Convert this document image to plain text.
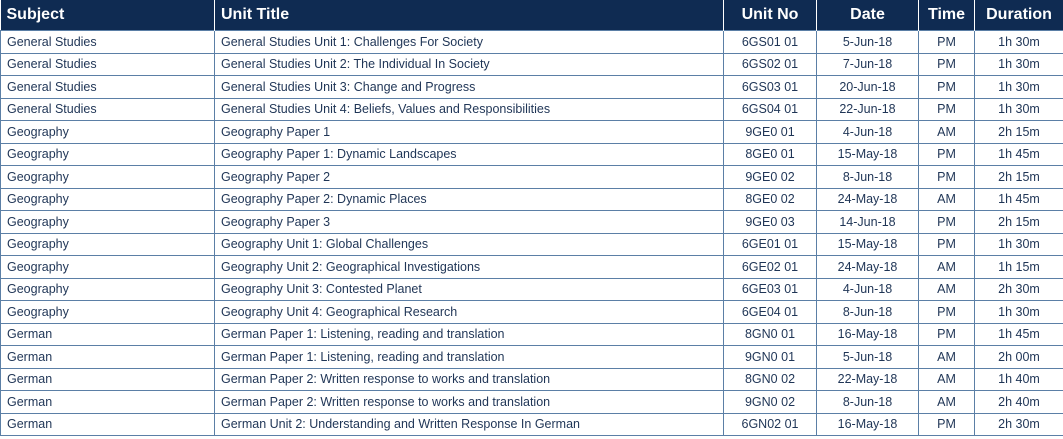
Subject	Unit Title	Unit No	Date	Time	Duration
General Studies	General Studies Unit 1: Challenges For Society	6GS01 01	5-Jun-18	PM	1h 30m
General Studies	General Studies Unit 2: The Individual In Society	6GS02 01	7-Jun-18	PM	1h 30m
General Studies	General Studies Unit 3: Change and Progress	6GS03 01	20-Jun-18	PM	1h 30m
General Studies	General Studies Unit 4: Beliefs, Values and Responsibilities	6GS04 01	22-Jun-18	PM	1h 30m
Geography	Geography Paper 1	9GE0 01	4-Jun-18	AM	2h 15m
Geography	Geography Paper 1: Dynamic Landscapes	8GE0 01	15-May-18	PM	1h 45m
Geography	Geography Paper 2	9GE0 02	8-Jun-18	PM	2h 15m
Geography	Geography Paper 2: Dynamic Places	8GE0 02	24-May-18	AM	1h 45m
Geography	Geography Paper 3	9GE0 03	14-Jun-18	PM	2h 15m
Geography	Geography Unit 1: Global Challenges	6GE01 01	15-May-18	PM	1h 30m
Geography	Geography Unit 2: Geographical Investigations	6GE02 01	24-May-18	AM	1h 15m
Geography	Geography Unit 3: Contested Planet	6GE03 01	4-Jun-18	AM	2h 30m
Geography	Geography Unit 4: Geographical Research	6GE04 01	8-Jun-18	PM	1h 30m
German	German Paper 1: Listening, reading and translation	8GN0 01	16-May-18	PM	1h 45m
German	German Paper 1: Listening, reading and translation	9GN0 01	5-Jun-18	AM	2h 00m
German	German Paper 2: Written response to works and translation	8GN0 02	22-May-18	AM	1h 40m
German	German Paper 2: Written response to works and translation	9GN0 02	8-Jun-18	AM	2h 40m
German	German Unit 2: Understanding and Written Response In German	6GN02 01	16-May-18	PM	2h 30m
